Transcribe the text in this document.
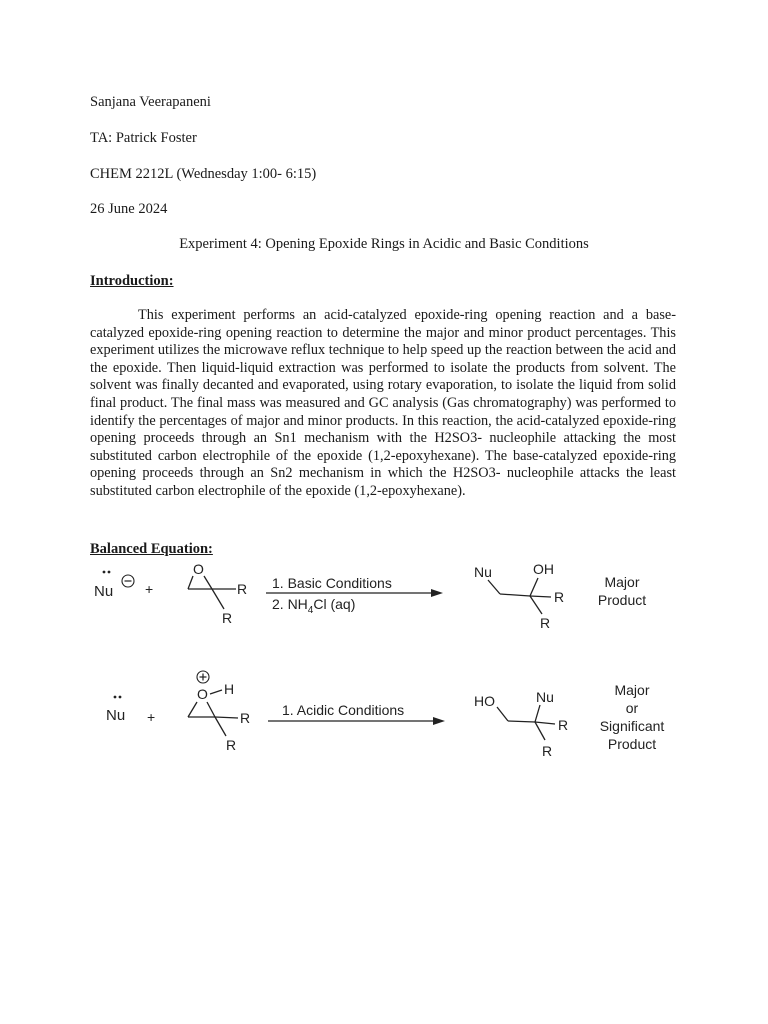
Sanjana Veerapaneni
TA: Patrick Foster
CHEM 2212L (Wednesday 1:00- 6:15)
26 June 2024
Experiment 4: Opening Epoxide Rings in Acidic and Basic Conditions
Introduction:

This experiment performs an acid-catalyzed epoxide-ring opening reaction and a base-catalyzed epoxide-ring opening reaction to determine the major and minor product percentages. This experiment utilizes the microwave reflux technique to help speed up the reaction between the acid and the epoxide. Then liquid-liquid extraction was performed to isolate the products from solvent. The solvent was finally decanted and evaporated, using rotary evaporation, to isolate the liquid from solid final product. The final mass was measured and GC analysis (Gas chromatography) was performed to identify the percentages of major and minor products. In this reaction, the acid-catalyzed epoxide-ring opening proceeds through an Sn1 mechanism with the H2SO3- nucleophile attacking the most substituted carbon electrophile of the epoxide (1,2-epoxyhexane). The base-catalyzed epoxide-ring opening proceeds through an Sn2 mechanism in which the H2SO3- nucleophile attacks the least substituted carbon electrophile of the epoxide (1,2-epoxyhexane).

Balanced Equation:
Nu +
O
R
R
1. Basic Conditions
2. $NH_4Cl$ (aq)
Nu	OH
R
R
Major
Product
Nu +
O H
R
R
1. Acidic Conditions
HO	Nu
R
R
Major
or
Significant
Product
